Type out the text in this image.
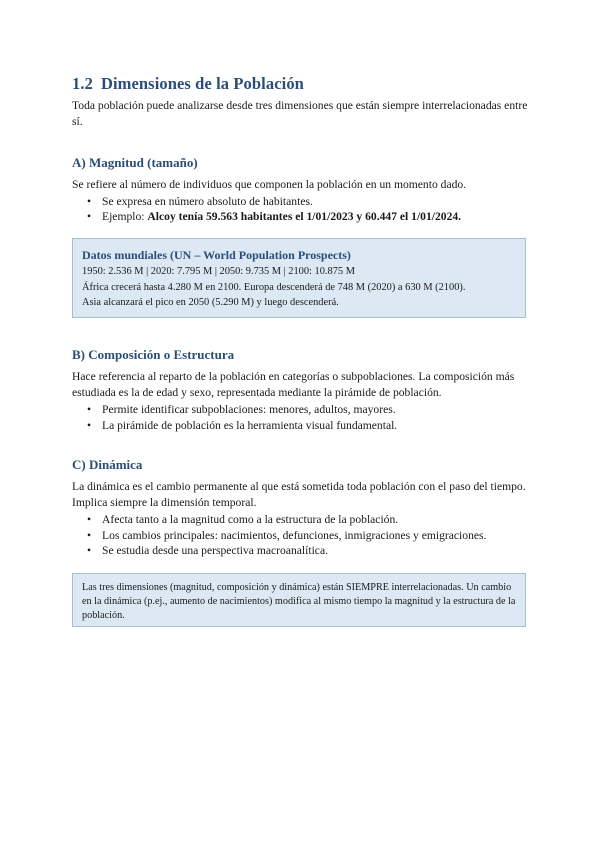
1.2 Dimensiones de la Población

Toda población puede analizarse desde tres dimensiones que están siempre interrelacionadas entre sí.

A) Magnitud (tamaño)

Se refiere al número de individuos que componen la población en un momento dado.

• Se expresa en número absoluto de habitantes.
• Ejemplo: Alcoy tenía 59.563 habitantes el 1/01/2023 y 60.447 el 1/01/2024.
Datos mundiales (UN – World Population Prospects)
1950: 2.536 M | 2020: 7.795 M | 2050: 9.735 M | 2100: 10.875 M
África crecerá hasta 4.280 M en 2100. Europa descenderá de 748 M (2020) a 630 M (2100).
Asia alcanzará el pico en 2050 (5.290 M) y luego descenderá.
B) Composición o Estructura

Hace referencia al reparto de la población en categorías o subpoblaciones. La composición más estudiada es la de edad y sexo, representada mediante la pirámide de población.

• Permite identificar subpoblaciones: menores, adultos, mayores.
• La pirámide de población es la herramienta visual fundamental.
C) Dinámica

La dinámica es el cambio permanente al que está sometida toda población con el paso del tiempo. Implica siempre la dimensión temporal.

• Afecta tanto a la magnitud como a la estructura de la población.
• Los cambios principales: nacimientos, defunciones, inmigraciones y emigraciones.
• Se estudia desde una perspectiva macroanalítica.
Las tres dimensiones (magnitud, composición y dinámica) están SIEMPRE interrelacionadas. Un cambio en la dinámica (p.ej., aumento de nacimientos) modifica al mismo tiempo la magnitud y la estructura de la población.
